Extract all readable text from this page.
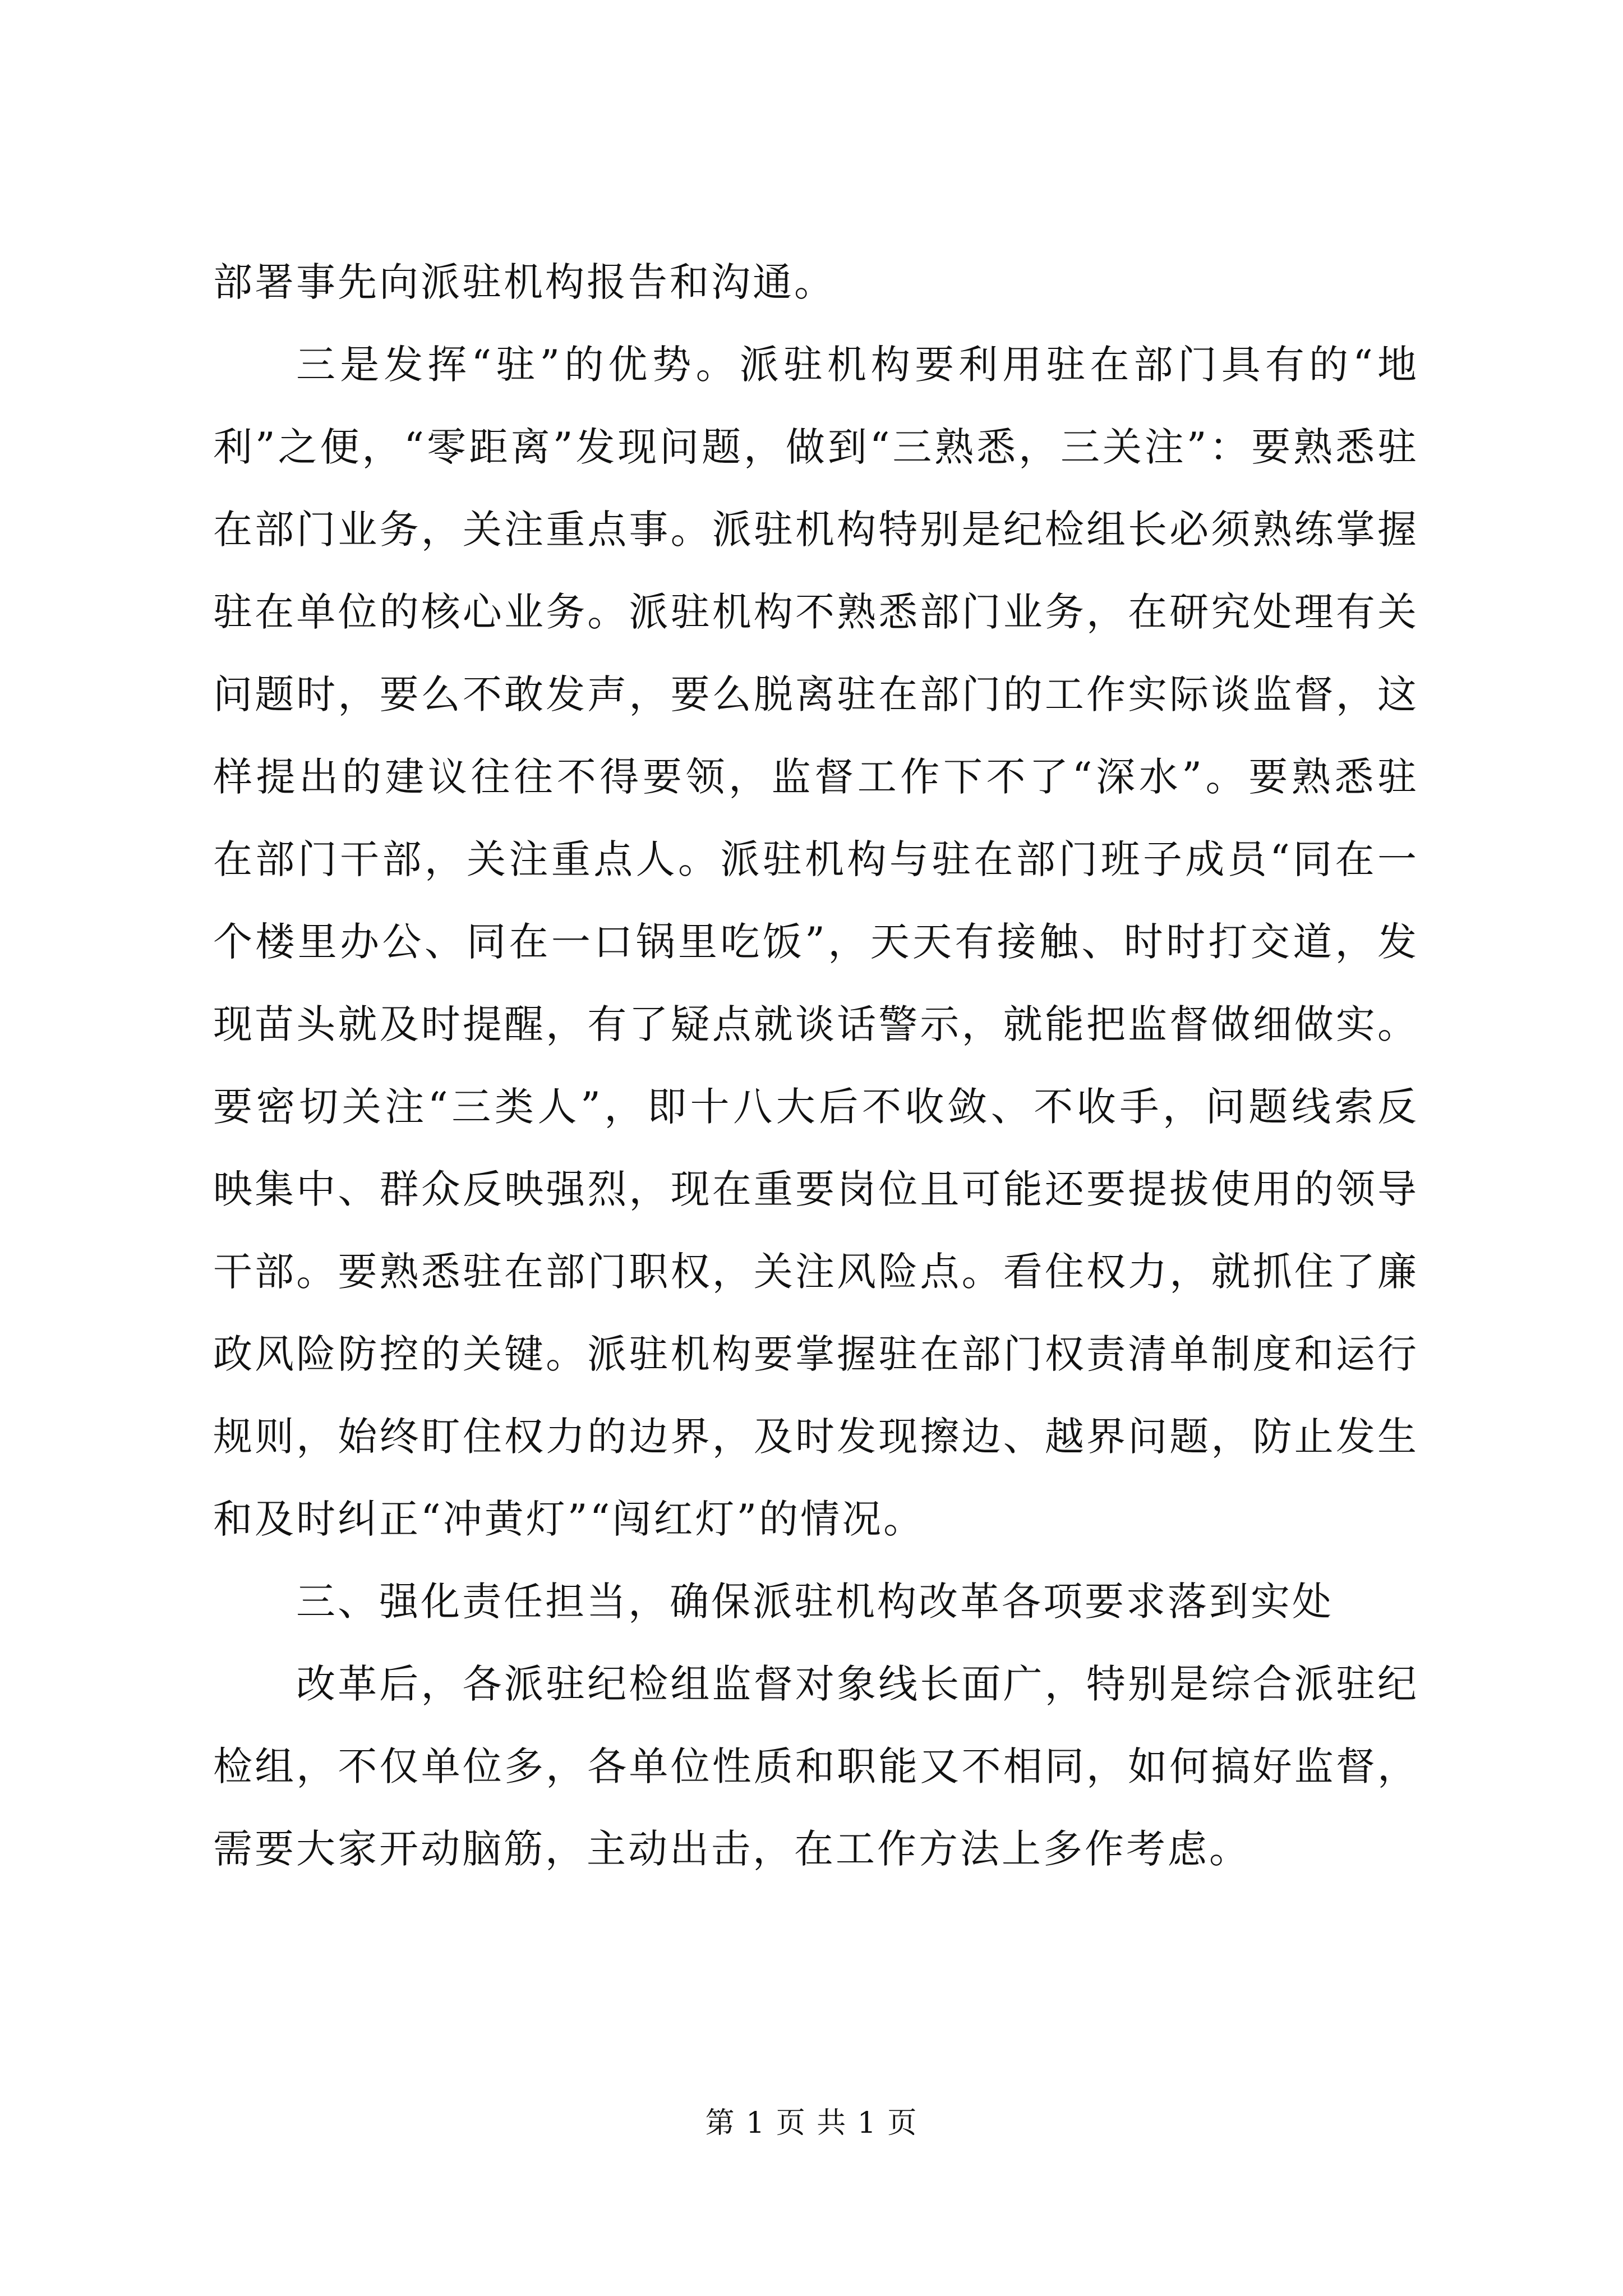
部署事先向派驻机构报告和沟通。

三是发挥“驻”的优势。派驻机构要利用驻在部门具有的“地利”之便，“零距离”发现问题，做到“三熟悉，三关注”：要熟悉驻在部门业务，关注重点事。派驻机构特别是纪检组长必须熟练掌握驻在单位的核心业务。派驻机构不熟悉部门业务，在研究处理有关问题时，要么不敢发声，要么脱离驻在部门的工作实际谈监督，这样提出的建议往往不得要领，监督工作下不了“深水”。要熟悉驻在部门干部，关注重点人。派驻机构与驻在部门班子成员“同在一个楼里办公、同在一口锅里吃饭”，天天有接触、时时打交道，发现苗头就及时提醒，有了疑点就谈话警示，就能把监督做细做实。要密切关注“三类人”，即十八大后不收敛、不收手，问题线索反映集中、群众反映强烈，现在重要岗位且可能还要提拔使用的领导干部。要熟悉驻在部门职权，关注风险点。看住权力，就抓住了廉政风险防控的关键。派驻机构要掌握驻在部门权责清单制度和运行规则，始终盯住权力的边界，及时发现擦边、越界问题，防止发生和及时纠正“冲黄灯”“闯红灯”的情况。

三、强化责任担当，确保派驻机构改革各项要求落到实处

改革后，各派驻纪检组监督对象线长面广，特别是综合派驻纪检组，不仅单位多，各单位性质和职能又不相同，如何搞好监督，需要大家开动脑筋，主动出击，在工作方法上多作考虑。

第 1 页 共 1 页
